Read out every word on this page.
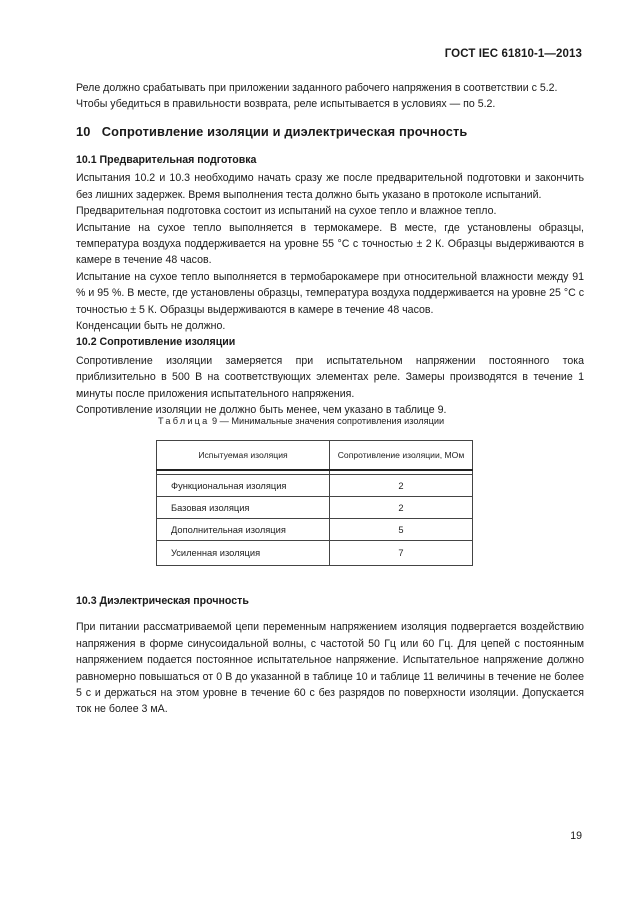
ГОСТ IEC 61810-1—2013

Реле должно срабатывать при приложении заданного рабочего напряжения в соответствии с 5.2.

Чтобы убедиться в правильности возврата, реле испытывается в условиях — по 5.2.

10 Сопротивление изоляции и диэлектрическая прочность

10.1 Предварительная подготовка

Испытания 10.2 и 10.3 необходимо начать сразу же после предварительной подготовки и закончить без лишних задержек. Время выполнения теста должно быть указано в протоколе испытаний.

Предварительная подготовка состоит из испытаний на сухое тепло и влажное тепло.

Испытание на сухое тепло выполняется в термокамере. В месте, где установлены образцы, температура воздуха поддерживается на уровне 55 °C с точностью ± 2 К. Образцы выдерживаются в камере в течение 48 часов.

Испытание на сухое тепло выполняется в термобарокамере при относительной влажности между 91 % и 95 %. В месте, где установлены образцы, температура воздуха поддерживается на уровне 25 °C с точностью ± 5 К. Образцы выдерживаются в камере в течение 48 часов.

Конденсации быть не должно.

10.2 Сопротивление изоляции

Сопротивление изоляции замеряется при испытательном напряжении постоянного тока приблизительно в 500 В на соответствующих элементах реле. Замеры производятся в течение 1 минуты после приложения испытательного напряжения.

Сопротивление изоляции не должно быть менее, чем указано в таблице 9.

Таблица 9 — Минимальные значения сопротивления изоляции
Испытуемая изоляция	Сопротивление изоляции, МОм

Функциональная изоляция	2
Базовая изоляция	2
Дополнительная изоляция	5
Усиленная изоляция	7

10.3 Диэлектрическая прочность

При питании рассматриваемой цепи переменным напряжением изоляция подвергается воздействию напряжения в форме синусоидальной волны, с частотой 50 Гц или 60 Гц. Для цепей с постоянным напряжением подается постоянное испытательное напряжение. Испытательное напряжение должно равномерно повышаться от 0 В до указанной в таблице 10 и таблице 11 величины в течение не более 5 с и держаться на этом уровне в течение 60 с без разрядов по поверхности изоляции. Допускается ток не более 3 мА.

19
